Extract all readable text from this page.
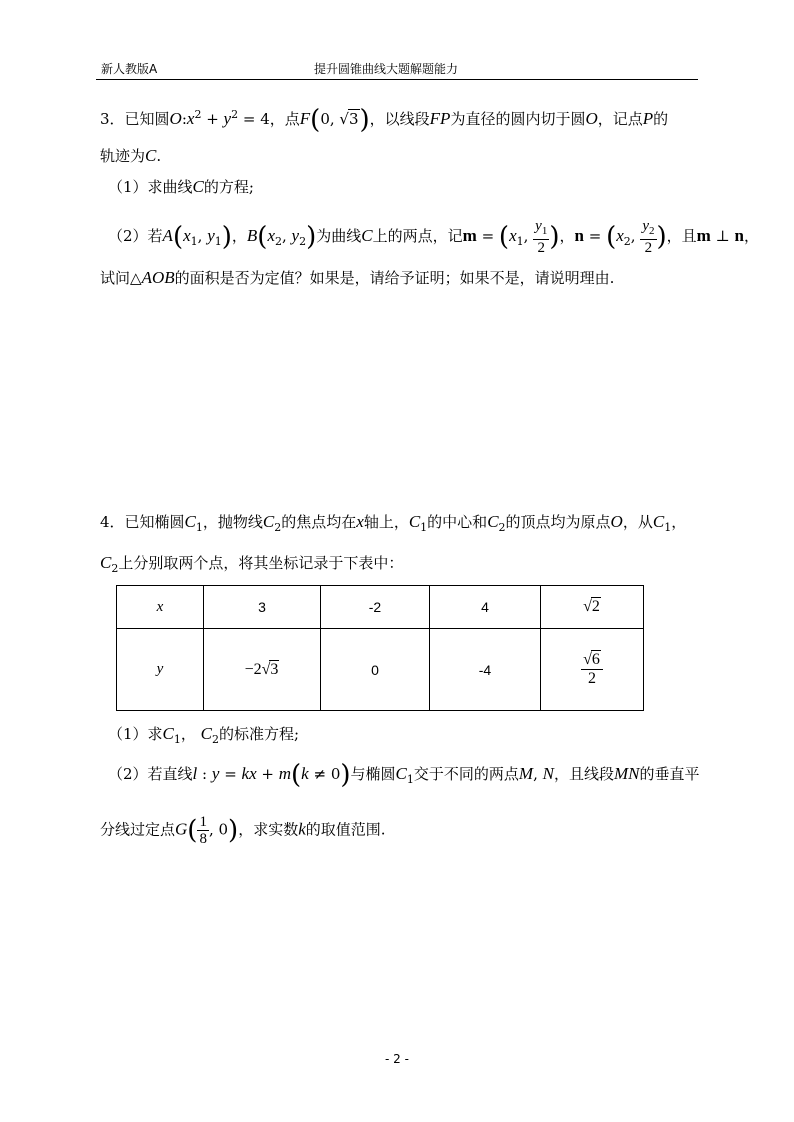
新人教版A	提升圆锥曲线大题解题能力
3．已知圆$O:x^2 + y^2 = 4$，点F(0, √3)，以线段FP为直径的圆内切于圆O，记点P的
轨迹为C.
（1）求曲线C的方程;
（2）若$A(x_1$, $y_1$)，$B(x_2$, $y_2$)为曲线C上的两点，记$m = (x_1$, $\frac{y_1}{2}$ )，$n = (x_2$, $\frac{y_2}{2}$ )，且m ⊥ n，
试问△AOB的面积是否为定值？如果是，请给予证明；如果不是，请说明理由.
4．已知椭圆$C_1$，抛物线$C_2$的焦点均在x轴上，$C_1$的中心和$C_2$的顶点均为原点O，从$C_1$，
$C_2$上分别取两个点，将其坐标记录于下表中：
x	3	-2	4	√2
y	−2√3	0	-4	$\frac{√6}{2}$
（1）求$C_1$， $C_2$的标准方程;
（2）若直线l : y = kx + m(k ≠ 0)与椭圆$C_1$交于不同的两点M, N，且线段MN的垂直平
分线过定点$G( \frac{1}{8}$ , 0)，求实数k的取值范围.
- 2 -
